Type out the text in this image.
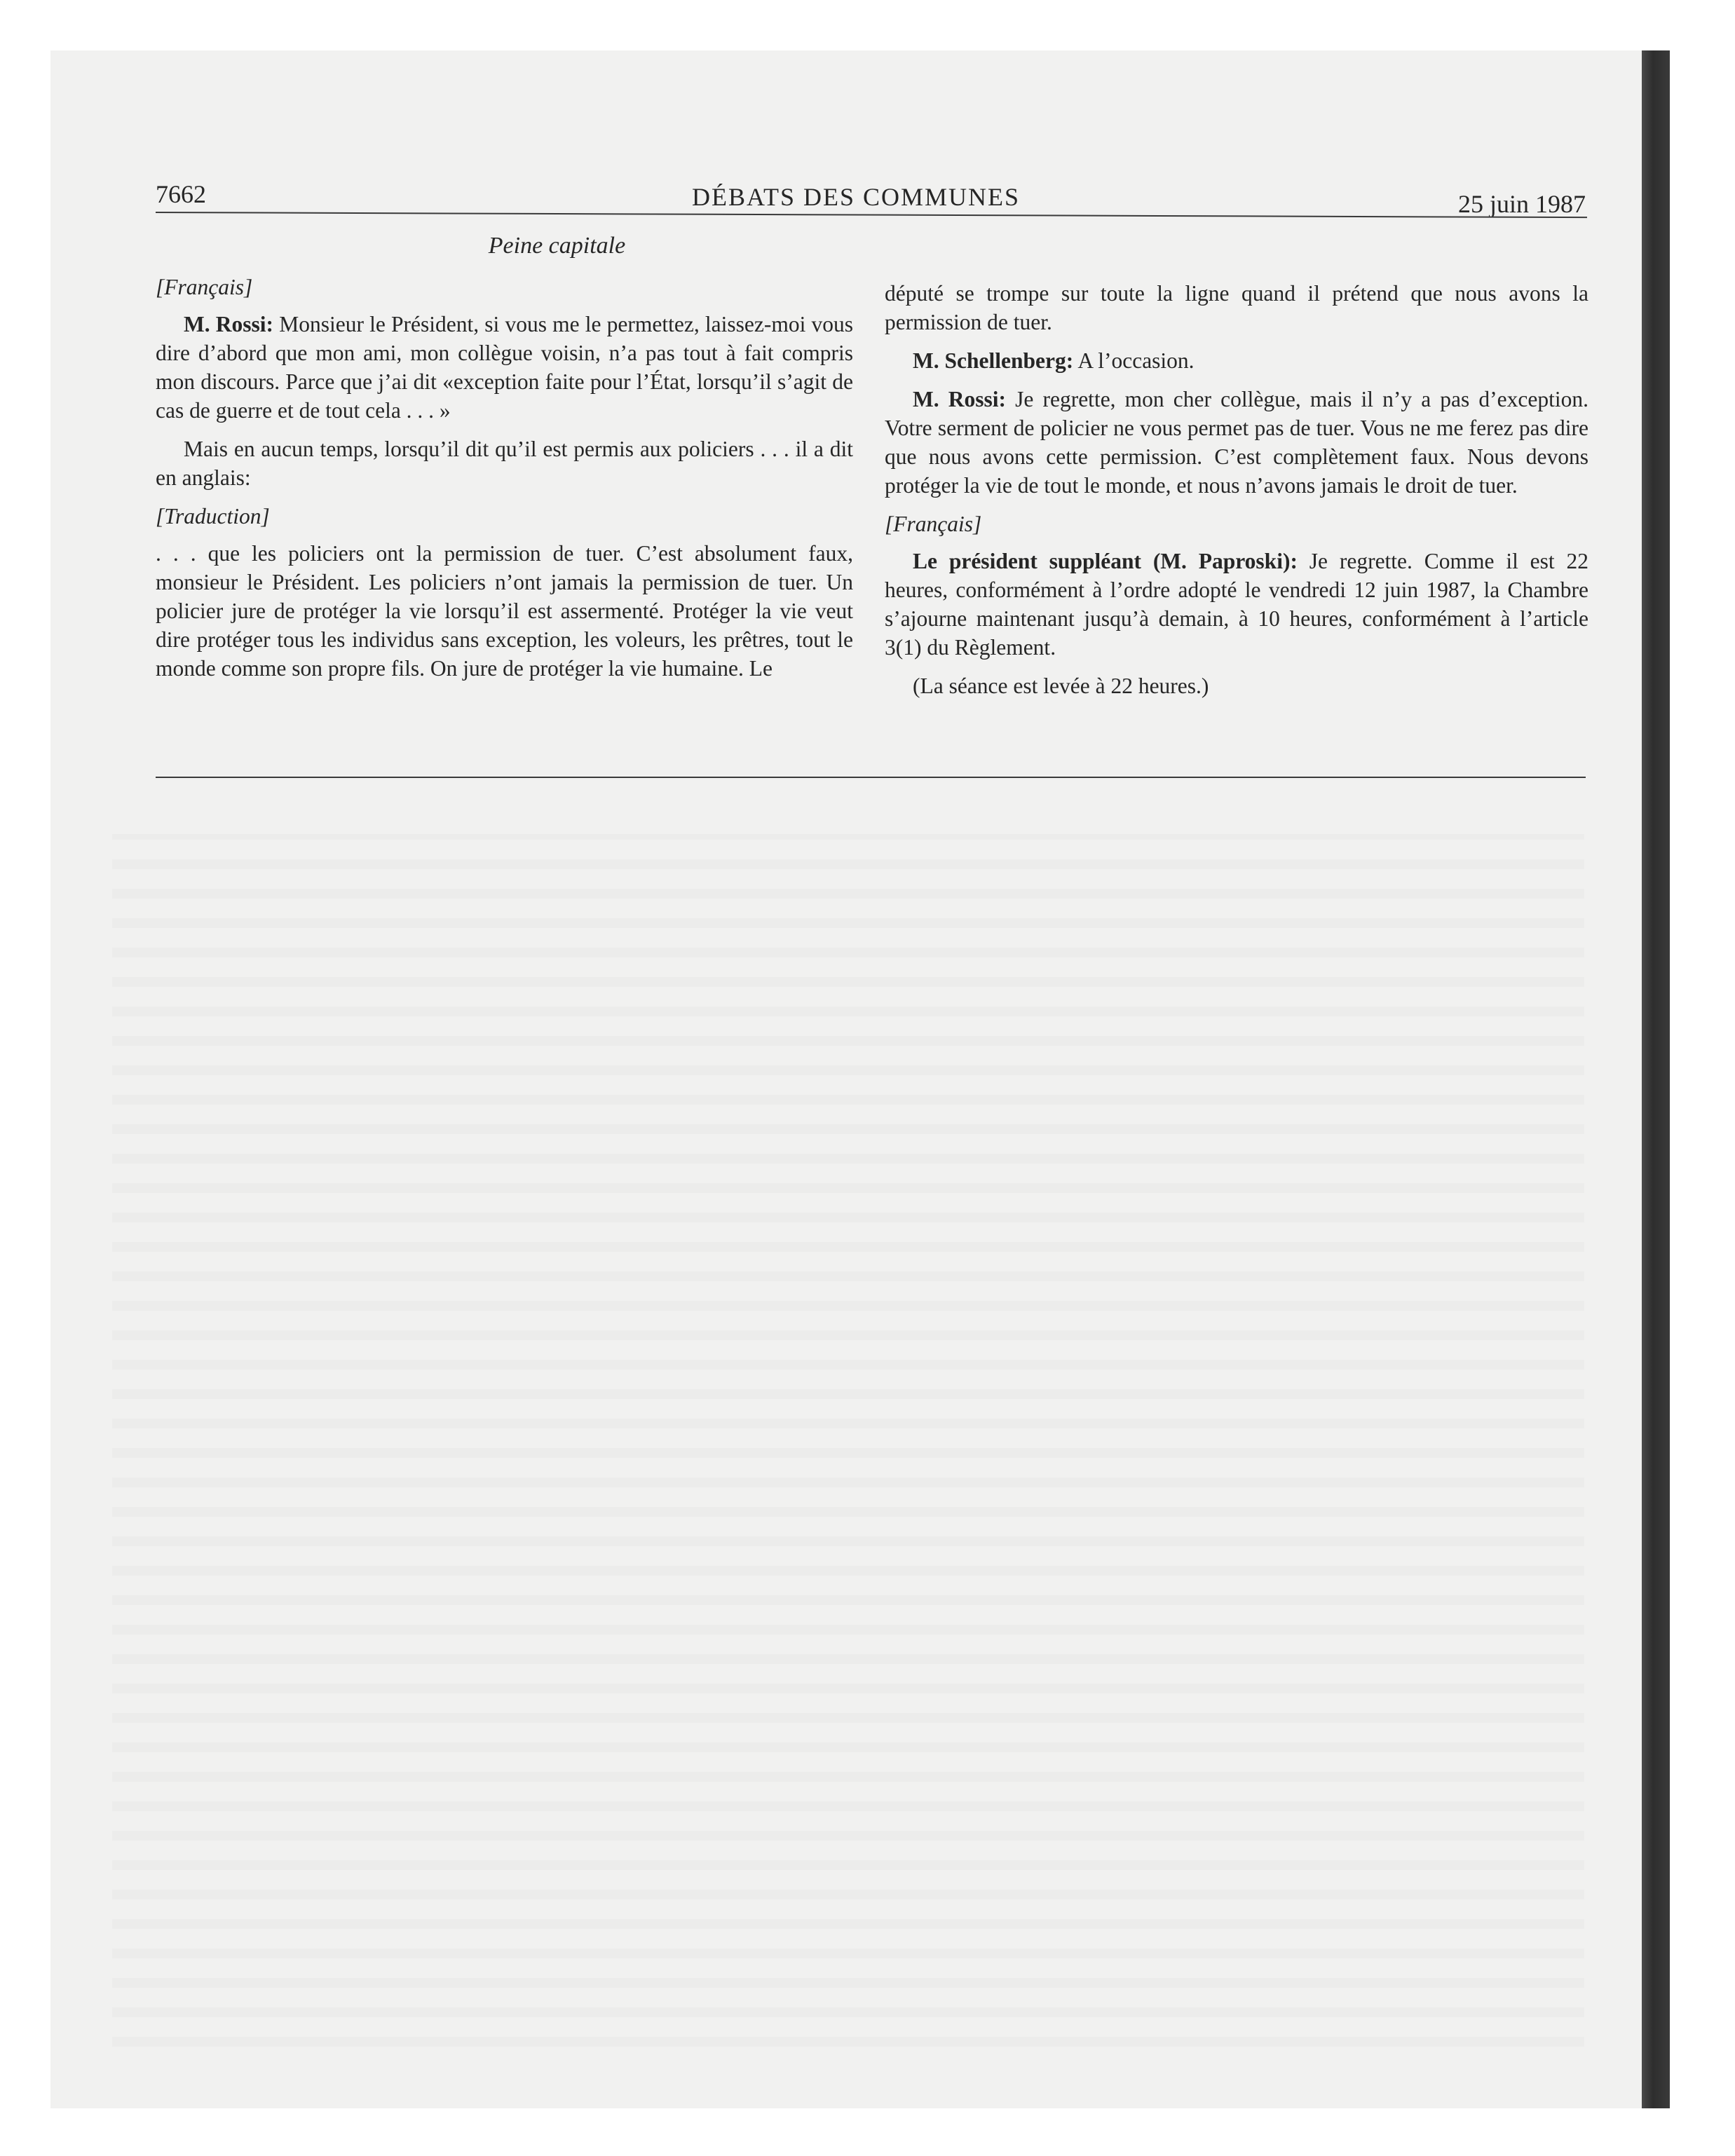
7662	DÉBATS DES COMMUNES	25 juin 1987
Peine capitale
[Français]

M. Rossi: Monsieur le Président, si vous me le permettez, laissez-moi vous dire d’abord que mon ami, mon collègue voisin, n’a pas tout à fait compris mon discours. Parce que j’ai dit «exception faite pour l’État, lorsqu’il s’agit de cas de guerre et de tout cela . . . »

Mais en aucun temps, lorsqu’il dit qu’il est permis aux policiers . . . il a dit en anglais:

[Traduction]

. . . que les policiers ont la permission de tuer. C’est absolument faux, monsieur le Président. Les policiers n’ont jamais la permission de tuer. Un policier jure de protéger la vie lorsqu’il est assermenté. Protéger la vie veut dire protéger tous les individus sans exception, les voleurs, les prêtres, tout le monde comme son propre fils. On jure de protéger la vie humaine. Le

député se trompe sur toute la ligne quand il prétend que nous avons la permission de tuer.

M. Schellenberg: A l’occasion.

M. Rossi: Je regrette, mon cher collègue, mais il n’y a pas d’exception. Votre serment de policier ne vous permet pas de tuer. Vous ne me ferez pas dire que nous avons cette permission. C’est complètement faux. Nous devons protéger la vie de tout le monde, et nous n’avons jamais le droit de tuer.

[Français]

Le président suppléant (M. Paproski): Je regrette. Comme il est 22 heures, conformément à l’ordre adopté le vendredi 12 juin 1987, la Chambre s’ajourne maintenant jusqu’à demain, à 10 heures, conformément à l’article 3(1) du Règlement.

(La séance est levée à 22 heures.)
